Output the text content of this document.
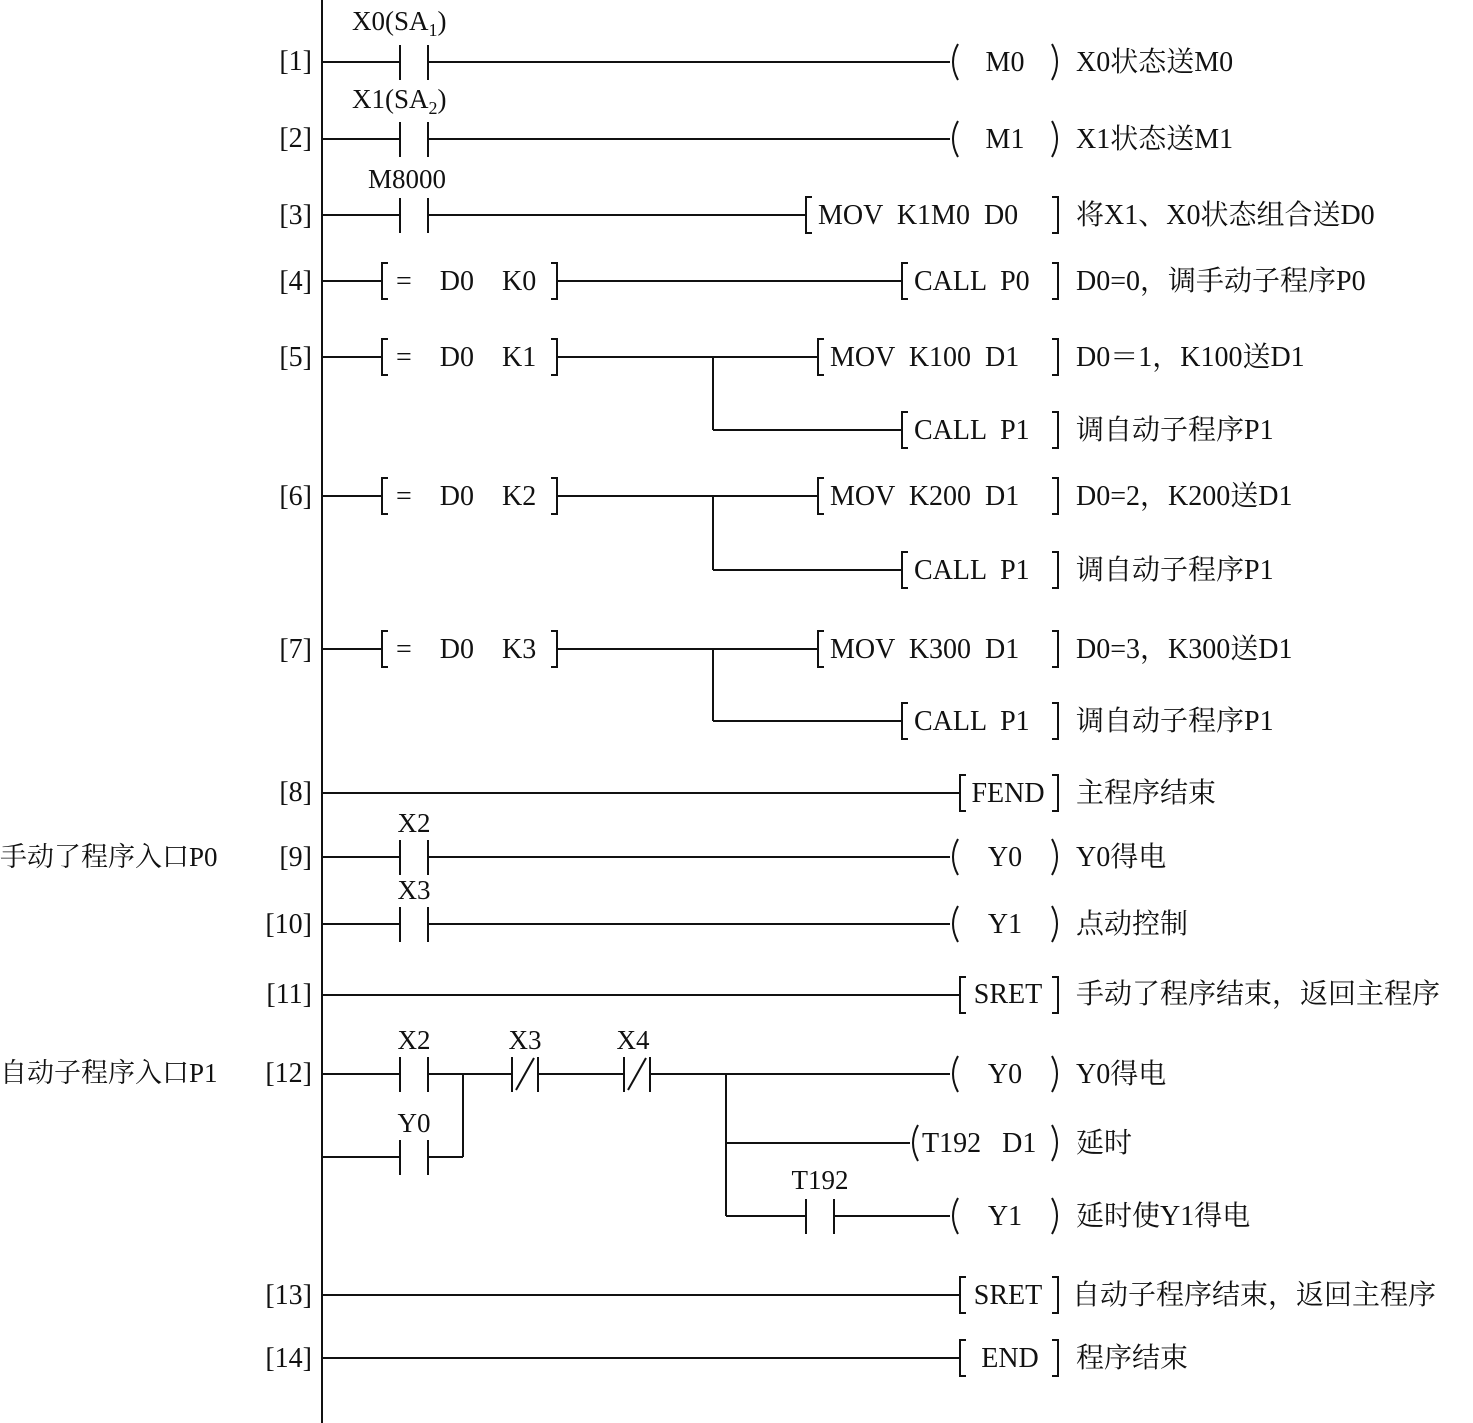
[1]
$X0(SA_1)$
M0 X0状态送M0
[2]
$X1(SA_2)$
M1 X1状态送M1
[3]
M8000
MOV  K1M0  D0 将X1、X0状态组合送D0
[4]	=    D0    K0	CALL  P0 D0=0，调手动子程序P0
[5]	=    D0    K1	MOV  K100  D1 D0＝1，K100送D1
CALL  P1 调自动子程序P1
[6]	=    D0    K2	MOV  K200  D1 D0=2，K200送D1
CALL  P1 调自动子程序P1
[7]	=    D0    K3	MOV  K300  D1 D0=3，K300送D1
CALL  P1 调自动子程序P1
[8]	FEND 主程序结束
手动了程序入口P0 [9]
X2
Y0 Y0得电
[10]
X3
Y1 点动控制
[11]	SRET 手动了程序结束，返回主程序
自动子程序入口P1 [12]
X2
Y0
X3	X4
Y0 Y0得电
T192   D1 延时
T192
Y1 延时使Y1得电
[13]	SRET 自动子程序结束，返回主程序
[14]	END 程序结束
